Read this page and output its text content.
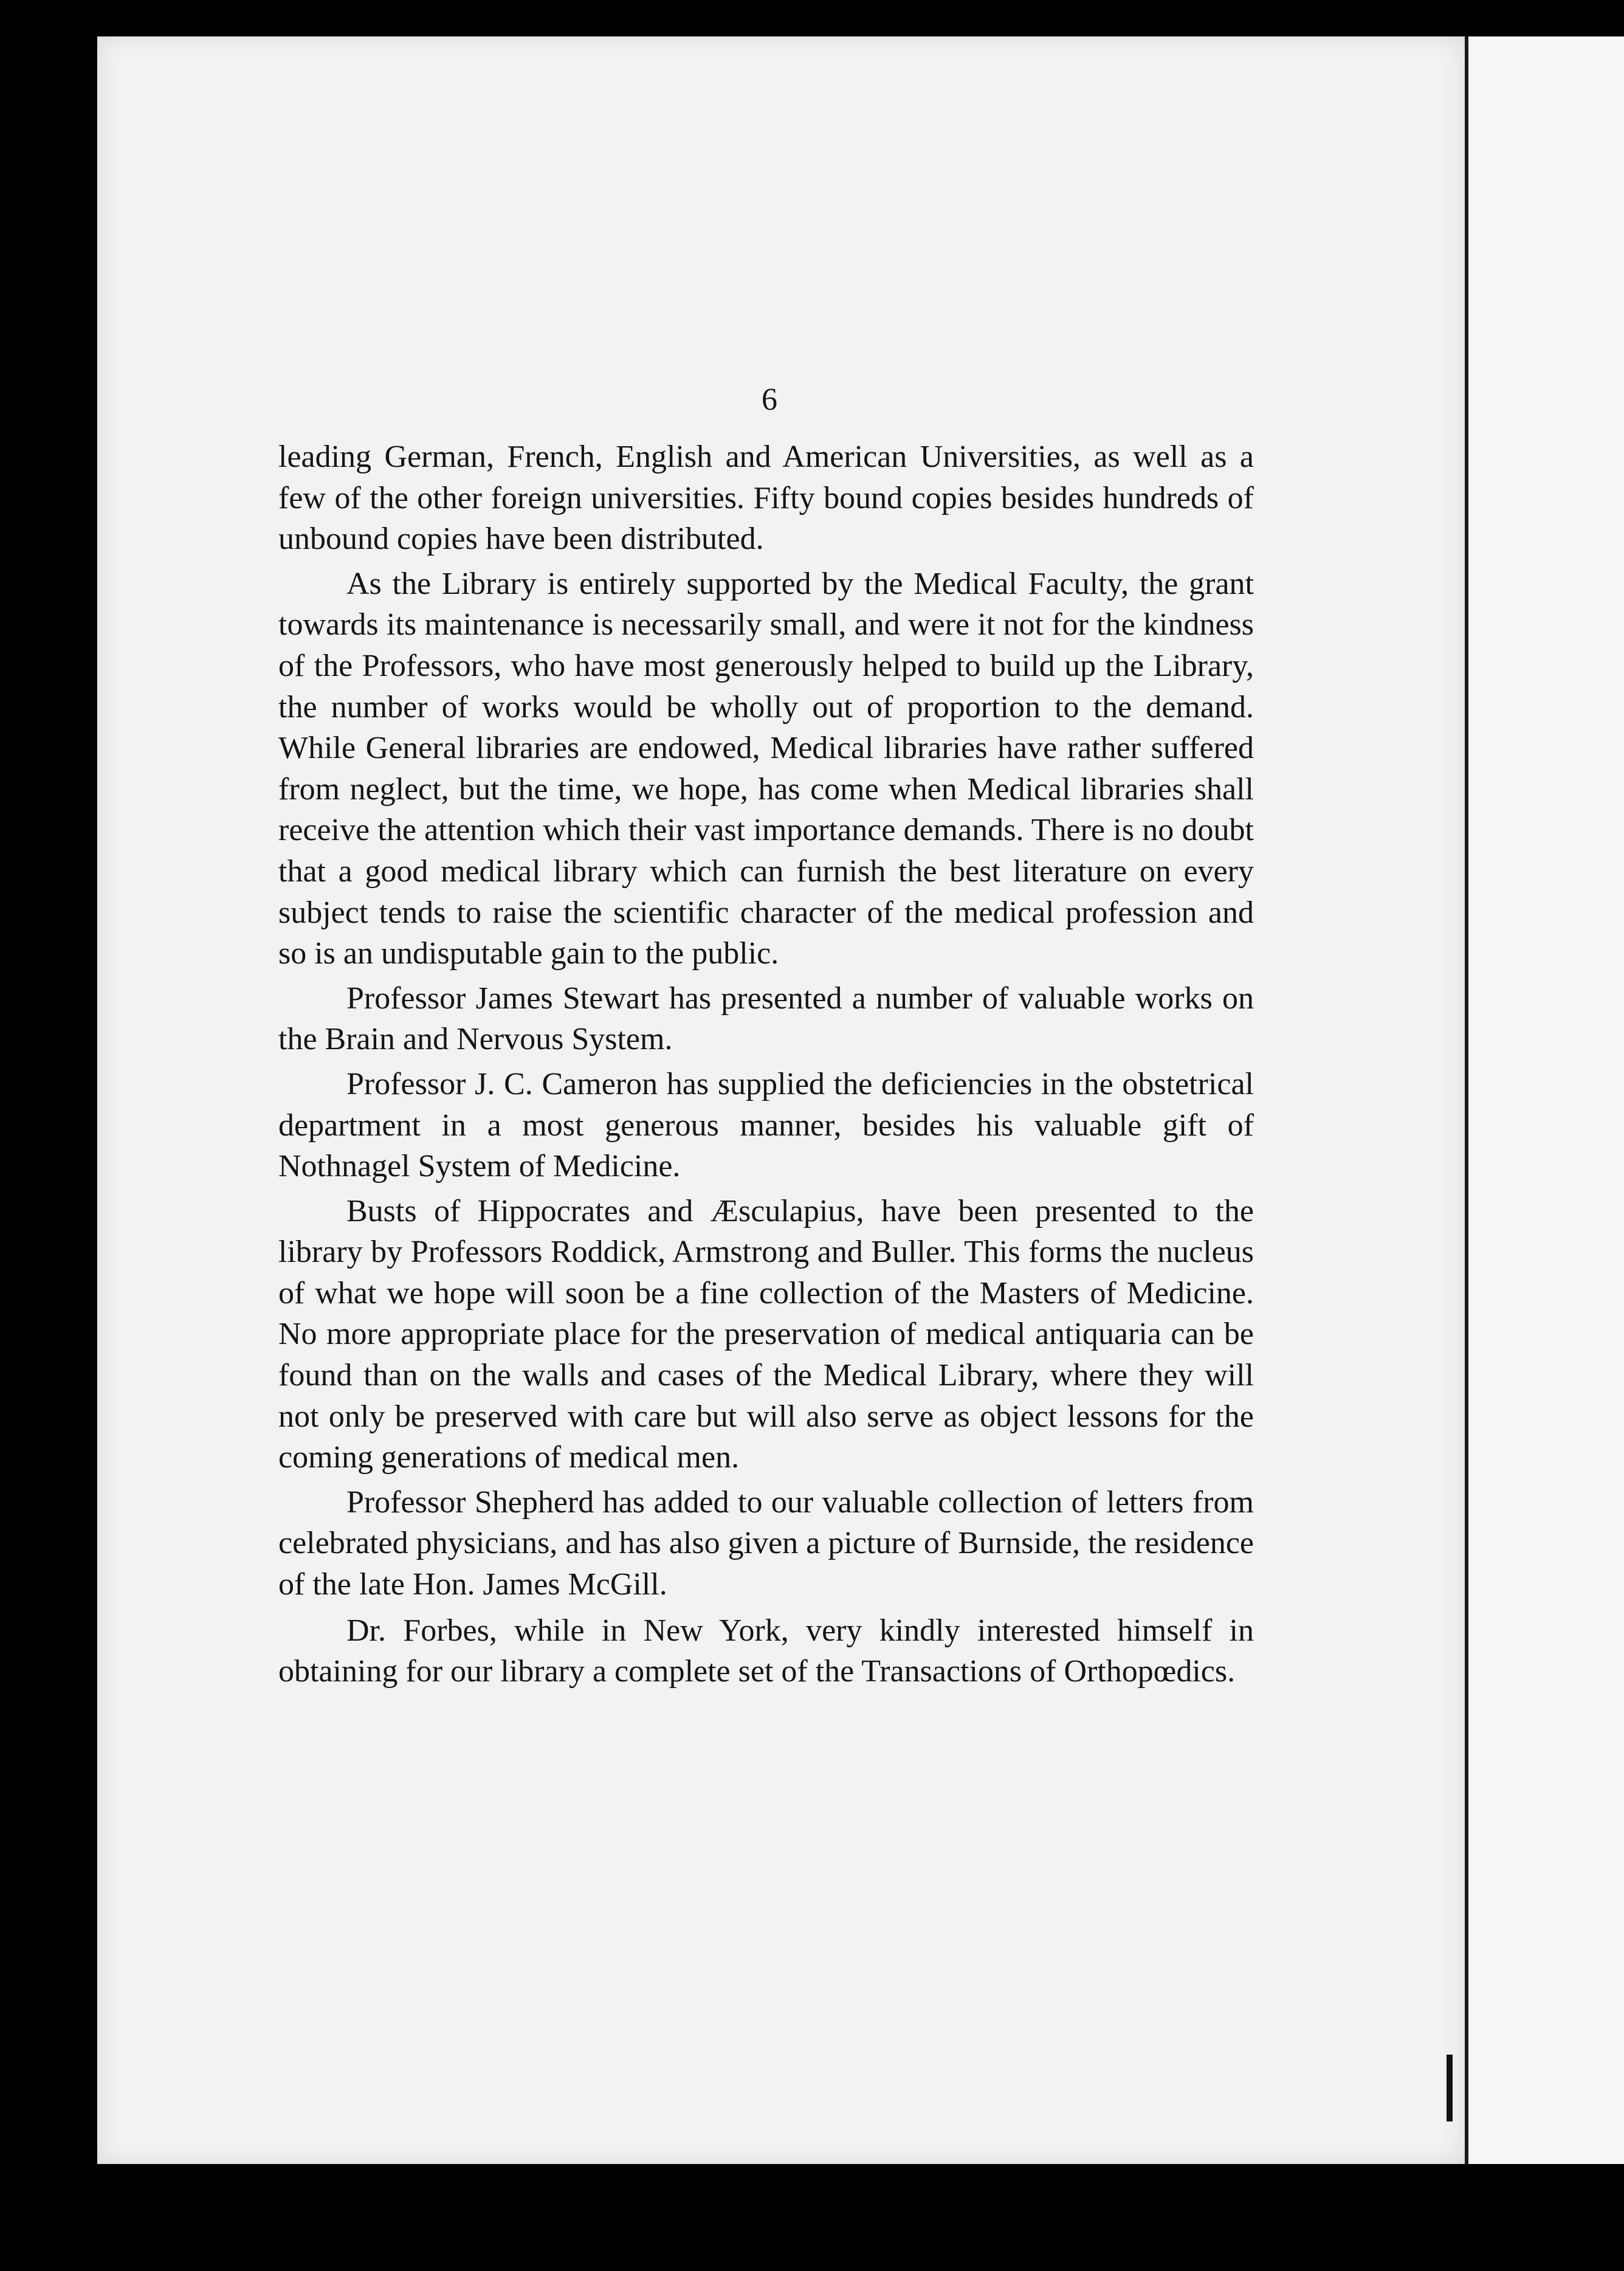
6

leading German, French, English and American Universities, as well as a few of the other foreign universities. Fifty bound copies besides hundreds of unbound copies have been distributed.

As the Library is entirely supported by the Medical Faculty, the grant towards its maintenance is necessarily small, and were it not for the kindness of the Professors, who have most generously helped to build up the Library, the number of works would be wholly out of proportion to the demand. While General libraries are endowed, Medical libraries have rather suffered from neglect, but the time, we hope, has come when Medical libraries shall receive the attention which their vast importance demands. There is no doubt that a good medical library which can furnish the best literature on every subject tends to raise the scientific character of the medical profession and so is an undisputable gain to the public.

Professor James Stewart has presented a number of valuable works on the Brain and Nervous System.

Professor J. C. Cameron has supplied the deficiencies in the obstetrical department in a most generous manner, besides his valuable gift of Nothnagel System of Medicine.

Busts of Hippocrates and Æsculapius, have been presented to the library by Professors Roddick, Armstrong and Buller. This forms the nucleus of what we hope will soon be a fine collection of the Masters of Medicine. No more appropriate place for the preservation of medical antiquaria can be found than on the walls and cases of the Medical Library, where they will not only be preserved with care but will also serve as object lessons for the coming generations of medical men.

Professor Shepherd has added to our valuable collection of letters from celebrated physicians, and has also given a picture of Burnside, the residence of the late Hon. James McGill.

Dr. Forbes, while in New York, very kindly interested himself in obtaining for our library a complete set of the Transactions of Orthopœdics.
